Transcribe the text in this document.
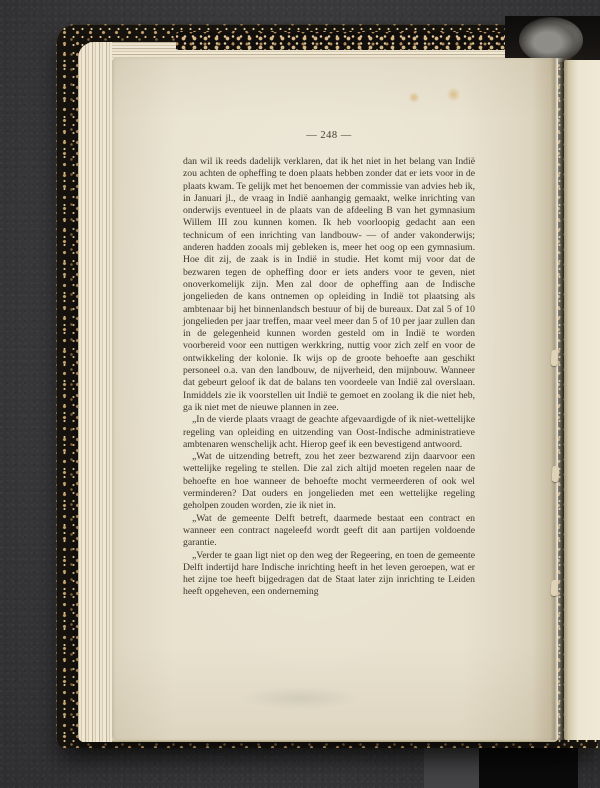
— 248 —

dan wil ik reeds dadelijk verklaren, dat ik het niet in het belang van Indië zou achten de opheffing te doen plaats hebben zonder dat er iets voor in de plaats kwam. Te gelijk met het benoemen der commissie van advies heb ik, in Januari jl., de vraag in Indië aanhangig gemaakt, welke inrichting van onderwijs eventueel in de plaats van de afdeeling B van het gymnasium Willem III zou kunnen komen. Ik heb voorloopig gedacht aan een technicum of een inrichting van landbouw- — of ander vakonderwijs; anderen hadden zooals mij gebleken is, meer het oog op een gymnasium. Hoe dit zij, de zaak is in Indië in studie. Het komt mij voor dat de bezwaren tegen de opheffing door er iets anders voor te geven, niet onoverkomelijk zijn. Men zal door de opheffing aan de Indische jongelieden de kans ontnemen op opleiding in Indië tot plaatsing als ambtenaar bij het binnenlandsch bestuur of bij de bureaux. Dat zal 5 of 10 jongelieden per jaar treffen, maar veel meer dan 5 of 10 per jaar zullen dan in de gelegenheid kunnen worden gesteld om in Indië te worden voorbereid voor een nuttigen werkkring, nuttig voor zich zelf en voor de ontwikkeling der kolonie. Ik wijs op de groote behoefte aan geschikt personeel o.a. van den landbouw, de nijverheid, den mijnbouw. Wanneer dat gebeurt geloof ik dat de balans ten voordeele van Indië zal overslaan. Inmiddels zie ik voorstellen uit Indië te gemoet en zoolang ik die niet heb, ga ik niet met de nieuwe plannen in zee.

„In de vierde plaats vraagt de geachte afgevaardigde of ik niet-wettelijke regeling van opleiding en uitzending van Oost-Indische administratieve ambtenaren wenschelijk acht. Hierop geef ik een bevestigend antwoord.

„Wat de uitzending betreft, zou het zeer bezwarend zijn daarvoor een wettelijke regeling te stellen. Die zal zich altijd moeten regelen naar de behoefte en hoe wanneer de behoefte mocht vermeerderen of ook wel verminderen? Dat ouders en jongelieden met een wettelijke regeling geholpen zouden worden, zie ik niet in.

„Wat de gemeente Delft betreft, daarmede bestaat een contract en wanneer een contract nageleefd wordt geeft dit aan partijen voldoende garantie.

„Verder te gaan ligt niet op den weg der Regeering, en toen de gemeente Delft indertijd hare Indische inrichting heeft in het leven geroepen, wat er het zijne toe heeft bijgedragen dat de Staat later zijn inrichting te Leiden heeft opgeheven, een onderneming
